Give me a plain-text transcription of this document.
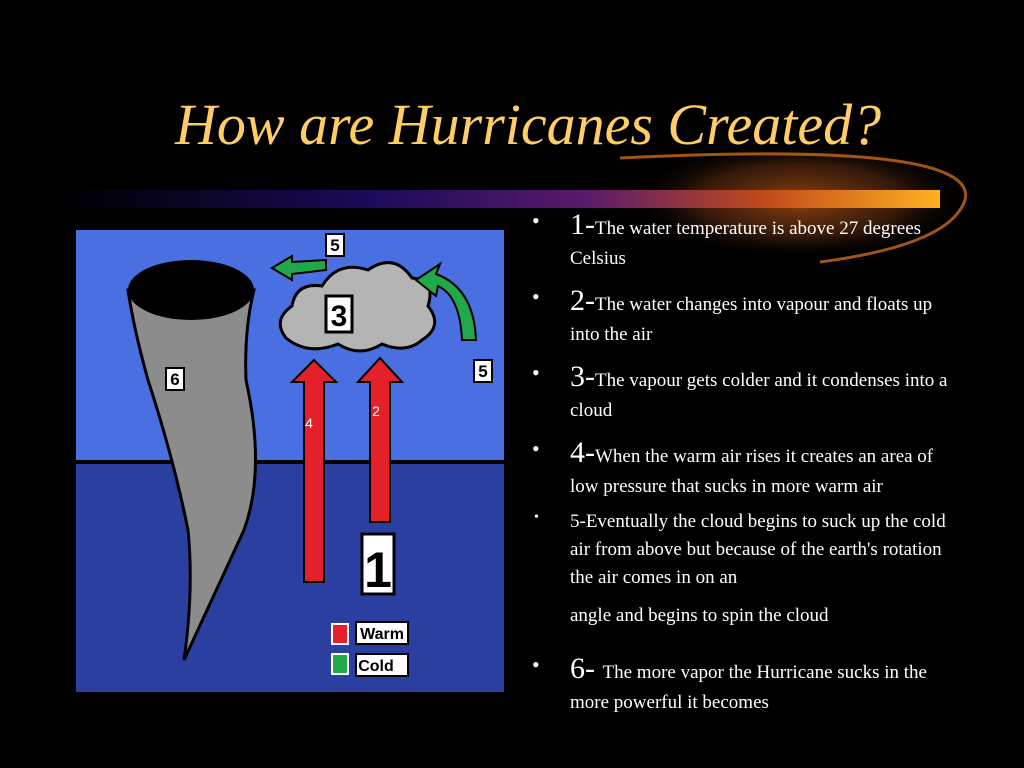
How are Hurricanes Created?
6
3
5
5
4
2
1
Warm
Cold
• 1-The water temperature is above 27 degrees Celsius
• 2-The water changes into vapour and floats up into the air
• 3-The vapour gets colder and it condenses into a cloud
• 4-When the warm air rises it creates an area of low pressure that sucks in more warm air
• 5-Eventually the cloud begins to suck up the cold air from above but because of the earth's rotation the air comes in on an
angle and begins to spin the cloud
• 6- The more vapor the Hurricane sucks in the more powerful it becomes
